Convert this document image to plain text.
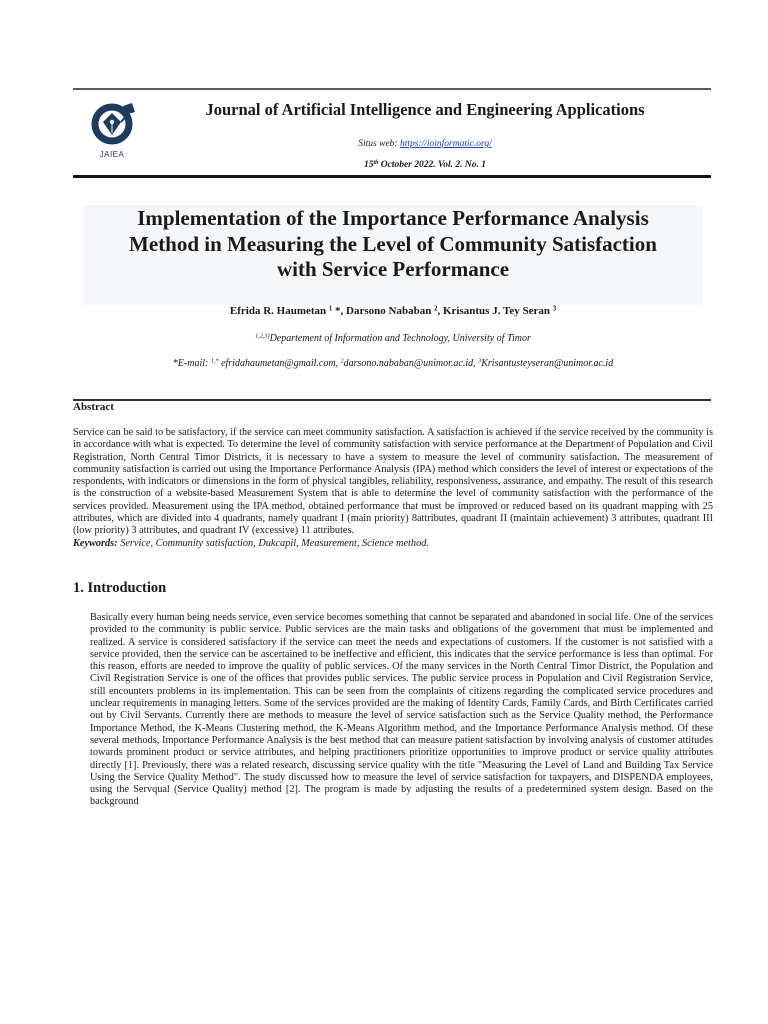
JAIEA
Journal of Artificial Intelligence and Engineering Applications
Situs web: https://ioinformatic.org/
15th October 2022. Vol. 2. No. 1
Implementation of the Importance Performance Analysis
Method in Measuring the Level of Community Satisfaction
with Service Performance
Efrida R. Haumetan $^1$ *, Darsono Nababan $^2$, Krisantus J. Tey Seran $^3$
$^{1,2,3)}$Departement of Information and Technology, University of Timor
*E-mail: $^{1,*}$ efridahaumetan@gmail.com, $^2$darsono.nababan@unimor.ac.id, $^3$Krisantusteyseran@unimor.ac.id
Abstract
Service can be said to be satisfactory, if the service can meet community satisfaction. A satisfaction is achieved if the service received by the community is in accordance with what is expected. To determine the level of community satisfaction with service performance at the Department of Population and Civil Registration, North Central Timor Districts, it is necessary to have a system to measure the level of community satisfaction. The measurement of community satisfaction is carried out using the Importance Performance Analysis (IPA) method which considers the level of interest or expectations of the respondents, with indicators or dimensions in the form of physical tangibles, reliability, responsiveness, assurance, and empathy. The result of this research is the construction of a website-based Measurement System that is able to determine the level of community satisfaction with the performance of the services provided. Measurement using the IPA method, obtained performance that must be improved or reduced based on its quadrant mapping with 25 attributes, which are divided into 4 quadrants, namely quadrant I (main priority) 8attributes, quadrant II (maintain achievement) 3 attributes, quadrant III (low priority) 3 attributes, and quadrant IV (excessive) 11 attributes.
Keywords: Service, Community satisfaction, Dukcapil, Measurement, Science method.
1. Introduction
Basically every human being needs service, even service becomes something that cannot be separated and abandoned in social life. One of the services provided to the community is public service. Public services are the main tasks and obligations of the government that must be implemented and realized. A service is considered satisfactory if the service can meet the needs and expectations of customers. If the customer is not satisfied with a service provided, then the service can be ascertained to be ineffective and efficient, this indicates that the service performance is less than optimal. For this reason, efforts are needed to improve the quality of public services. Of the many services in the North Central Timor District, the Population and Civil Registration Service is one of the offices that provides public services. The public service process in Population and Civil Registration Service, still encounters problems in its implementation. This can be seen from the complaints of citizens regarding the complicated service procedures and unclear requirements in managing letters. Some of the services provided are the making of Identity Cards, Family Cards, and Birth Certificates carried out by Civil Servants. Currently there are methods to measure the level of service satisfaction such as the Service Quality method, the Performance Importance Method, the K-Means Clustering method, the K-Means Algorithm method, and the Importance Performance Analysis method. Of these several methods, Importance Performance Analysis is the best method that can measure patient satisfaction by involving analysis of customer attitudes towards prominent product or service attributes, and helping practitioners prioritize opportunities to improve product or service quality attributes directly [1]. Previously, there was a related research, discussing service quality with the title "Measuring the Level of Land and Building Tax Service Using the Service Quality Method". The study discussed how to measure the level of service satisfaction for taxpayers, and DISPENDA employees, using the Servqual (Service Quality) method [2]. The program is made by adjusting the results of a predetermined system design. Based on the background
